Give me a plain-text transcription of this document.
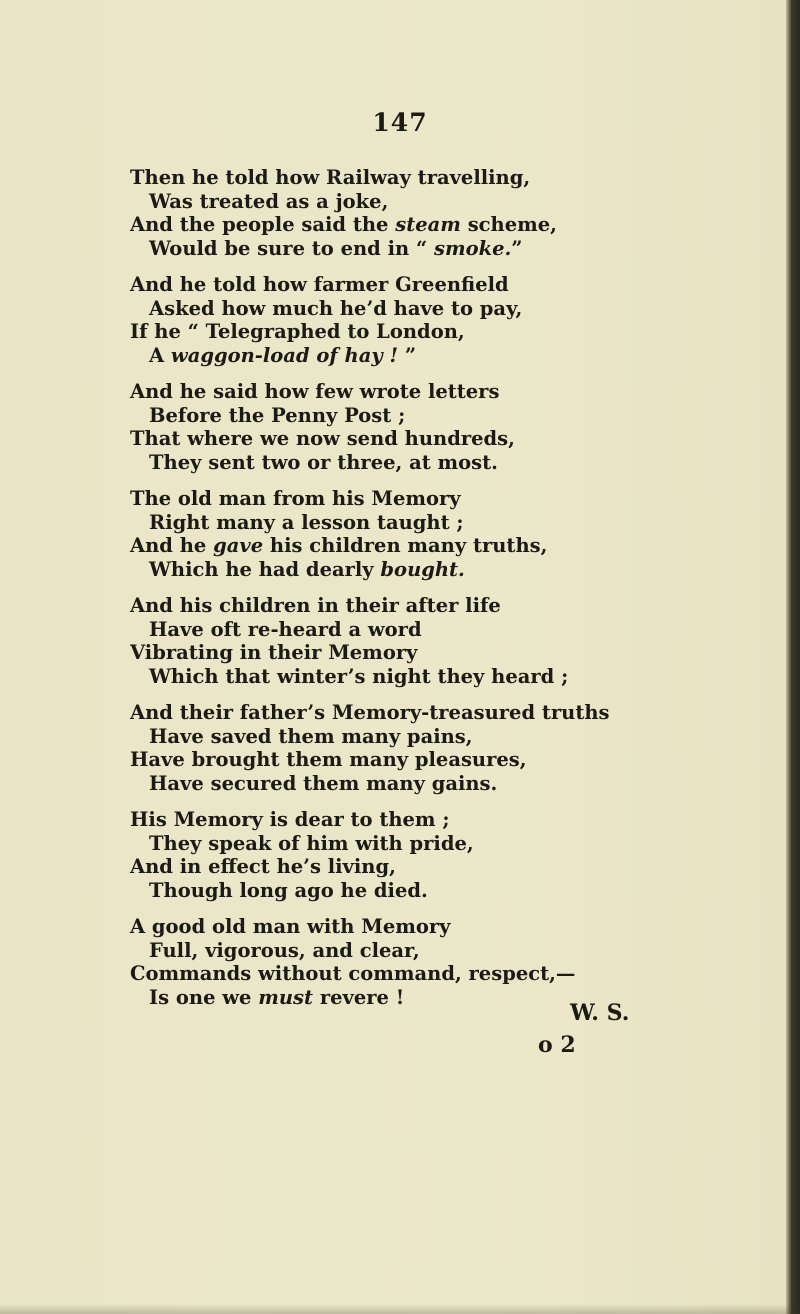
147
Then he told how Railway travelling,
Was treated as a joke,
And the people said the steam scheme,
Would be sure to end in “ smoke.”
And he told how farmer Greenfield
Asked how much he’d have to pay,
If he “ Telegraphed to London,
A waggon-load of hay ! ”
And he said how few wrote letters
Before the Penny Post ;
That where we now send hundreds,
They sent two or three, at most.
The old man from his Memory
Right many a lesson taught ;
And he gave his children many truths,
Which he had dearly bought.
And his children in their after life
Have oft re-heard a word
Vibrating in their Memory
Which that winter’s night they heard ;
And their father’s Memory-treasured truths
Have saved them many pains,
Have brought them many pleasures,
Have secured them many gains.
His Memory is dear to them ;
They speak of him with pride,
And in effect he’s living,
Though long ago he died.
A good old man with Memory
Full, vigorous, and clear,
Commands without command, respect,—
Is one we must revere !
W. S.
o 2
